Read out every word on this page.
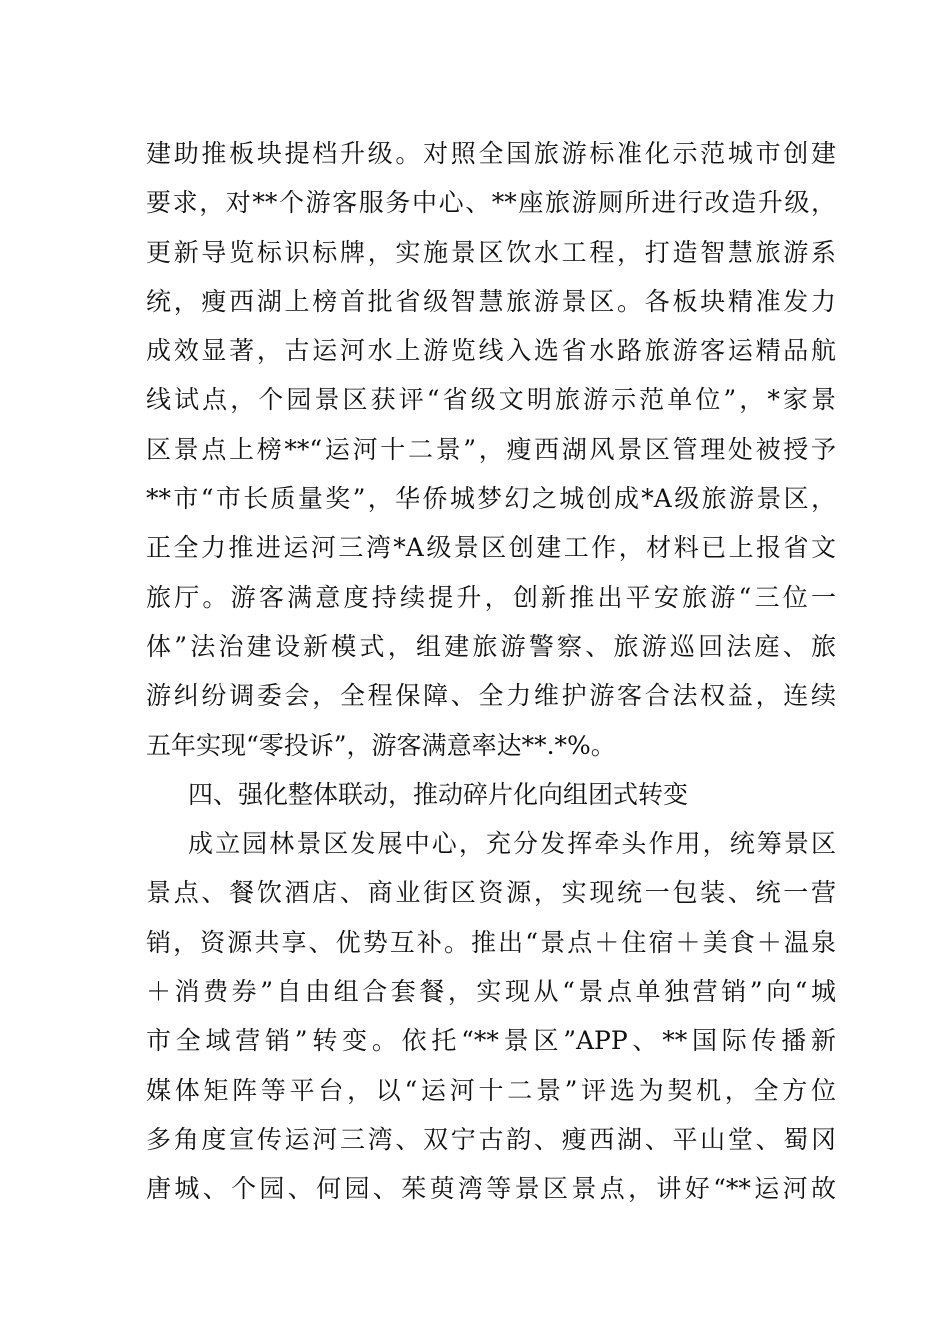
建助推板块提档升级。对照全国旅游标准化示范城市创建
要求，对**个游客服务中心、**座旅游厕所进行改造升级，
更新导览标识标牌，实施景区饮水工程，打造智慧旅游系
统，瘦西湖上榜首批省级智慧旅游景区。各板块精准发力
成效显著，古运河水上游览线入选省水路旅游客运精品航
线试点，个园景区获评“省级文明旅游示范单位”，*家景
区景点上榜**“运河十二景”，瘦西湖风景区管理处被授予
**市“市长质量奖”，华侨城梦幻之城创成*A级旅游景区，
正全力推进运河三湾*A级景区创建工作，材料已上报省文
旅厅。游客满意度持续提升，创新推出平安旅游“三位一
体”法治建设新模式，组建旅游警察、旅游巡回法庭、旅
游纠纷调委会，全程保障、全力维护游客合法权益，连续
五年实现“零投诉”，游客满意率达**.*%。
四、强化整体联动，推动碎片化向组团式转变
成立园林景区发展中心，充分发挥牵头作用，统筹景区
景点、餐饮酒店、商业街区资源，实现统一包装、统一营
销，资源共享、优势互补。推出“景点＋住宿＋美食＋温泉
＋消费券”自由组合套餐，实现从“景点单独营销”向“城
市全域营销”转变。依托“**景区”APP、**国际传播新
媒体矩阵等平台，以“运河十二景”评选为契机，全方位
多角度宣传运河三湾、双宁古韵、瘦西湖、平山堂、蜀冈
唐城、个园、何园、茱萸湾等景区景点，讲好“**运河故
